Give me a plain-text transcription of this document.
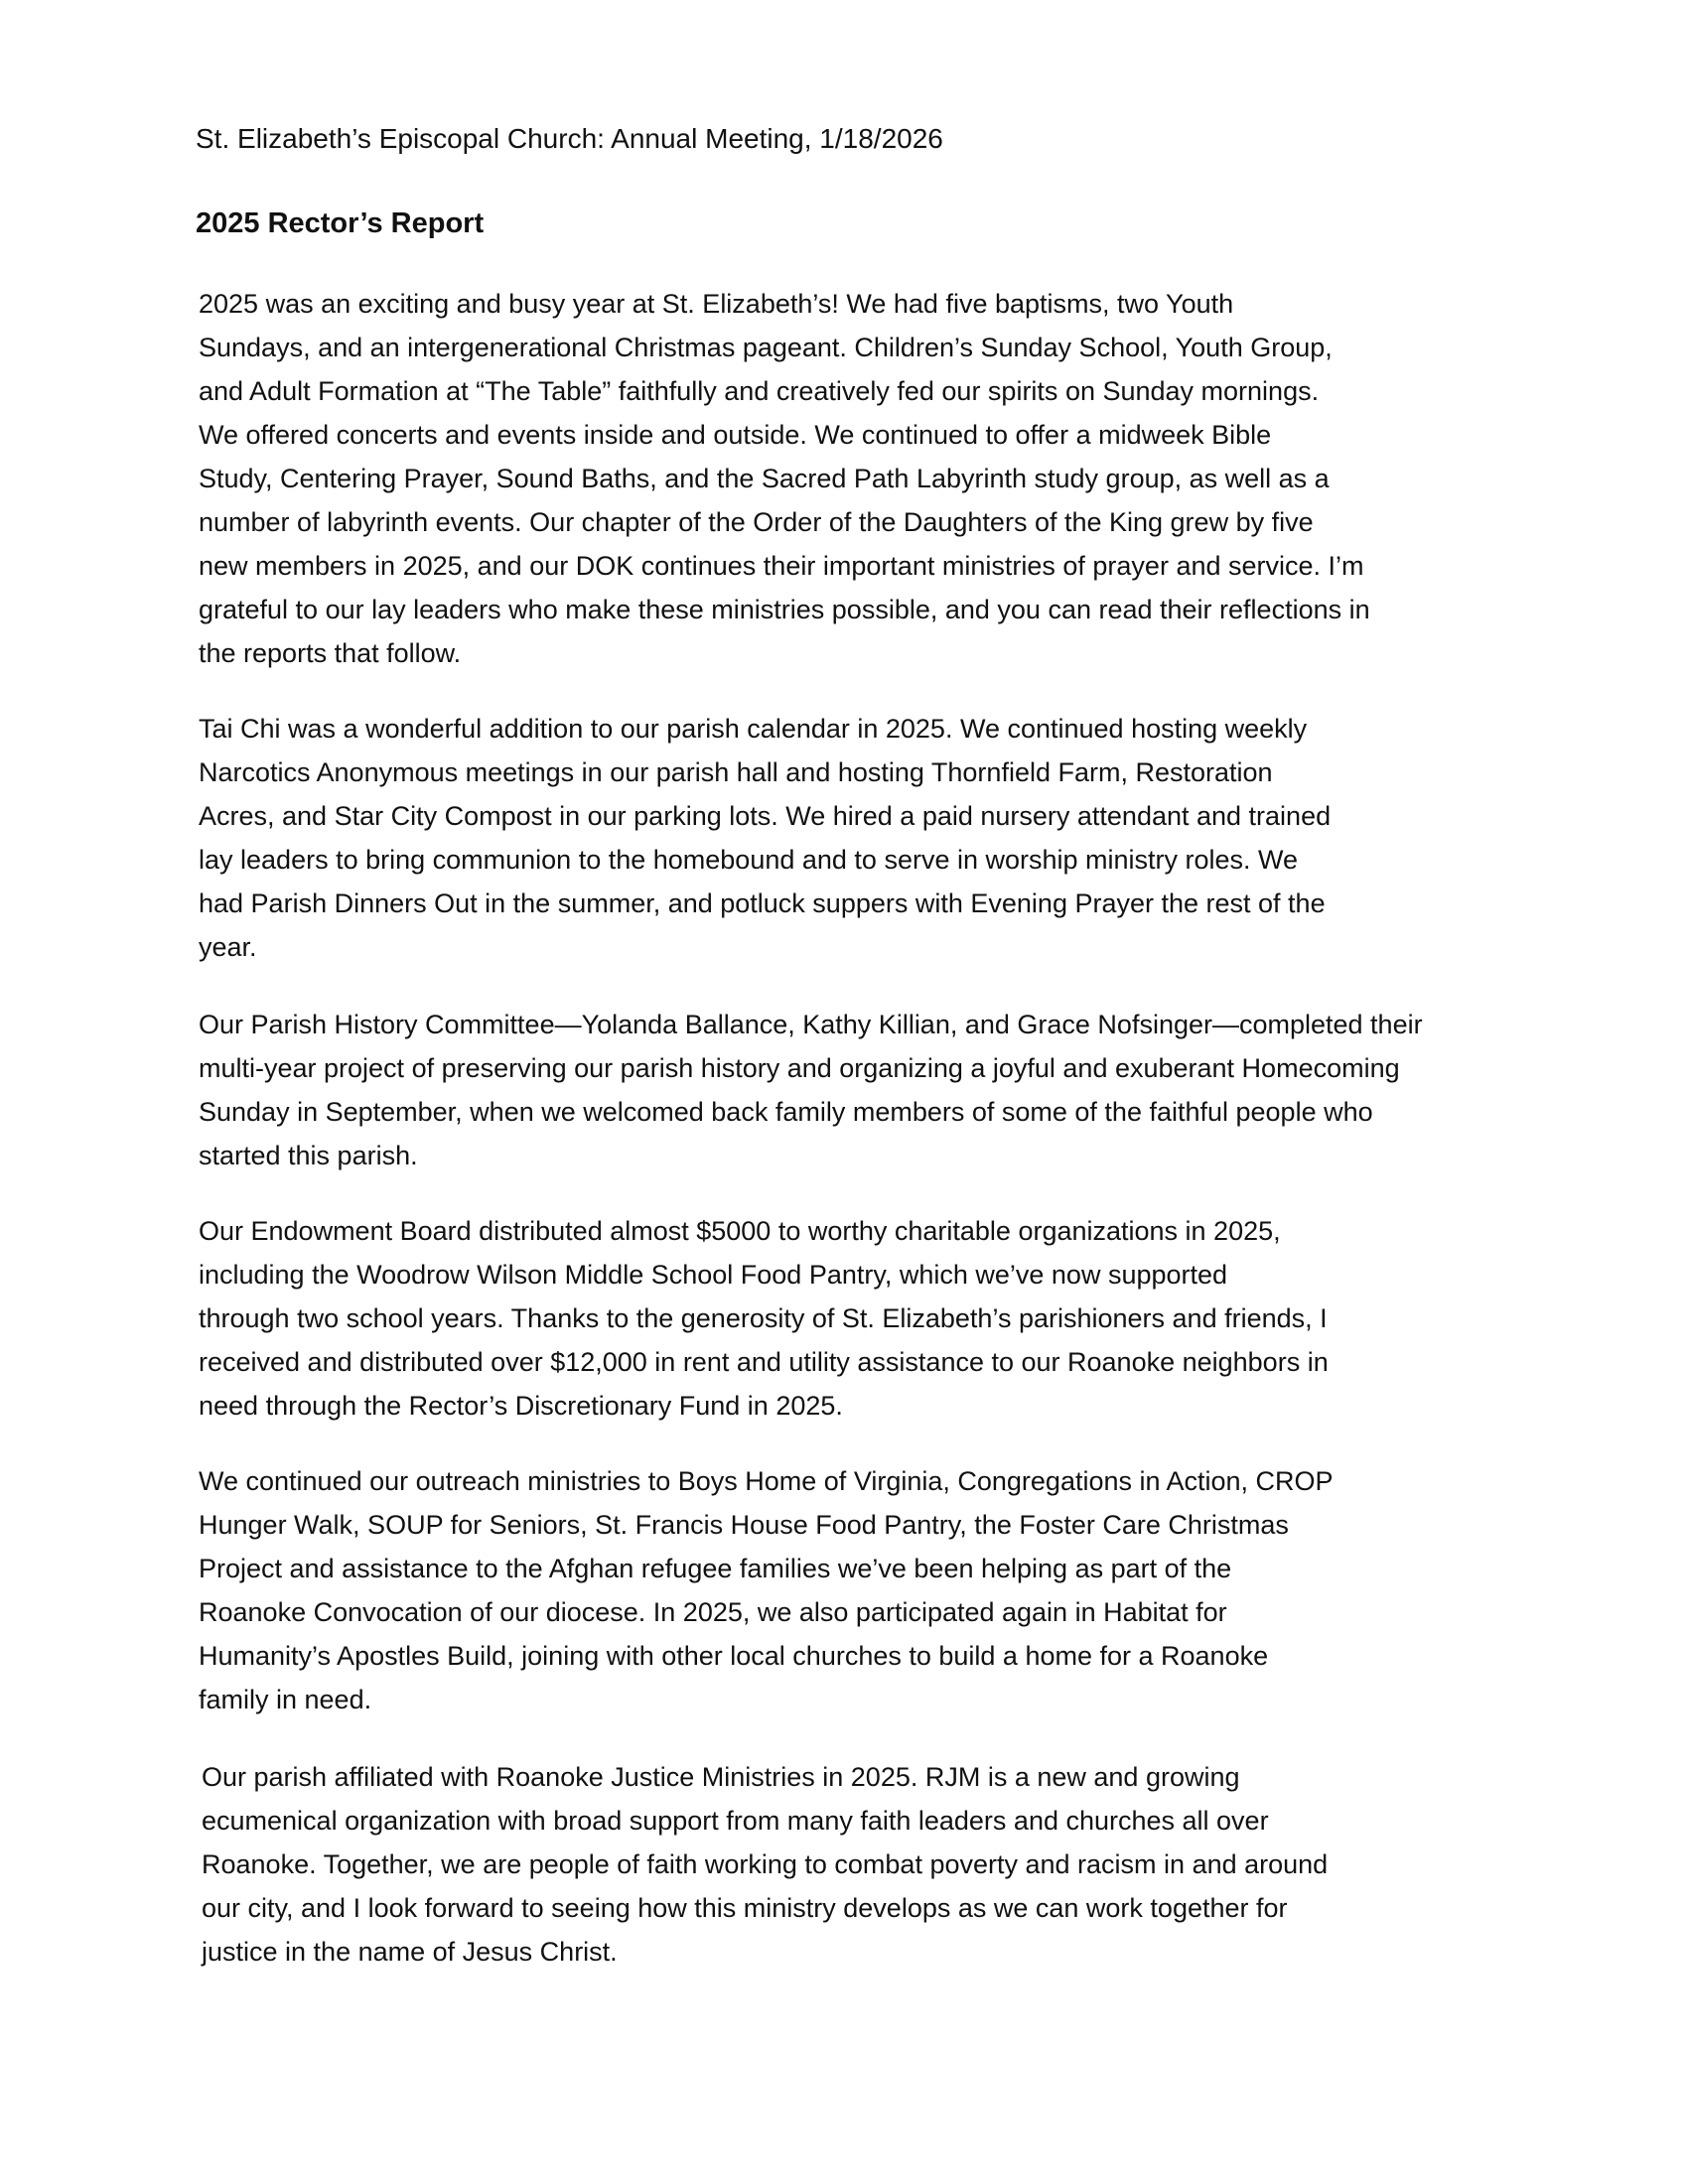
St. Elizabeth’s Episcopal Church: Annual Meeting, 1/18/2026
2025 Rector’s Report

2025 was an exciting and busy year at St. Elizabeth’s! We had five baptisms, two Youth
Sundays, and an intergenerational Christmas pageant. Children’s Sunday School, Youth Group,
and Adult Formation at “The Table” faithfully and creatively fed our spirits on Sunday mornings.
We offered concerts and events inside and outside. We continued to offer a midweek Bible
Study, Centering Prayer, Sound Baths, and the Sacred Path Labyrinth study group, as well as a
number of labyrinth events. Our chapter of the Order of the Daughters of the King grew by five
new members in 2025, and our DOK continues their important ministries of prayer and service. I’m
grateful to our lay leaders who make these ministries possible, and you can read their reflections in
the reports that follow.

Tai Chi was a wonderful addition to our parish calendar in 2025. We continued hosting weekly
Narcotics Anonymous meetings in our parish hall and hosting Thornfield Farm, Restoration
Acres, and Star City Compost in our parking lots. We hired a paid nursery attendant and trained
lay leaders to bring communion to the homebound and to serve in worship ministry roles. We
had Parish Dinners Out in the summer, and potluck suppers with Evening Prayer the rest of the
year.

Our Parish History Committee—Yolanda Ballance, Kathy Killian, and Grace Nofsinger—completed their
multi-year project of preserving our parish history and organizing a joyful and exuberant Homecoming
Sunday in September, when we welcomed back family members of some of the faithful people who
started this parish.

Our Endowment Board distributed almost $5000 to worthy charitable organizations in 2025,
including the Woodrow Wilson Middle School Food Pantry, which we’ve now supported
through two school years. Thanks to the generosity of St. Elizabeth’s parishioners and friends, I
received and distributed over $12,000 in rent and utility assistance to our Roanoke neighbors in
need through the Rector’s Discretionary Fund in 2025.

We continued our outreach ministries to Boys Home of Virginia, Congregations in Action, CROP
Hunger Walk, SOUP for Seniors, St. Francis House Food Pantry, the Foster Care Christmas
Project and assistance to the Afghan refugee families we’ve been helping as part of the
Roanoke Convocation of our diocese. In 2025, we also participated again in Habitat for
Humanity’s Apostles Build, joining with other local churches to build a home for a Roanoke
family in need.

Our parish affiliated with Roanoke Justice Ministries in 2025. RJM is a new and growing
ecumenical organization with broad support from many faith leaders and churches all over
Roanoke. Together, we are people of faith working to combat poverty and racism in and around
our city, and I look forward to seeing how this ministry develops as we can work together for
justice in the name of Jesus Christ.
